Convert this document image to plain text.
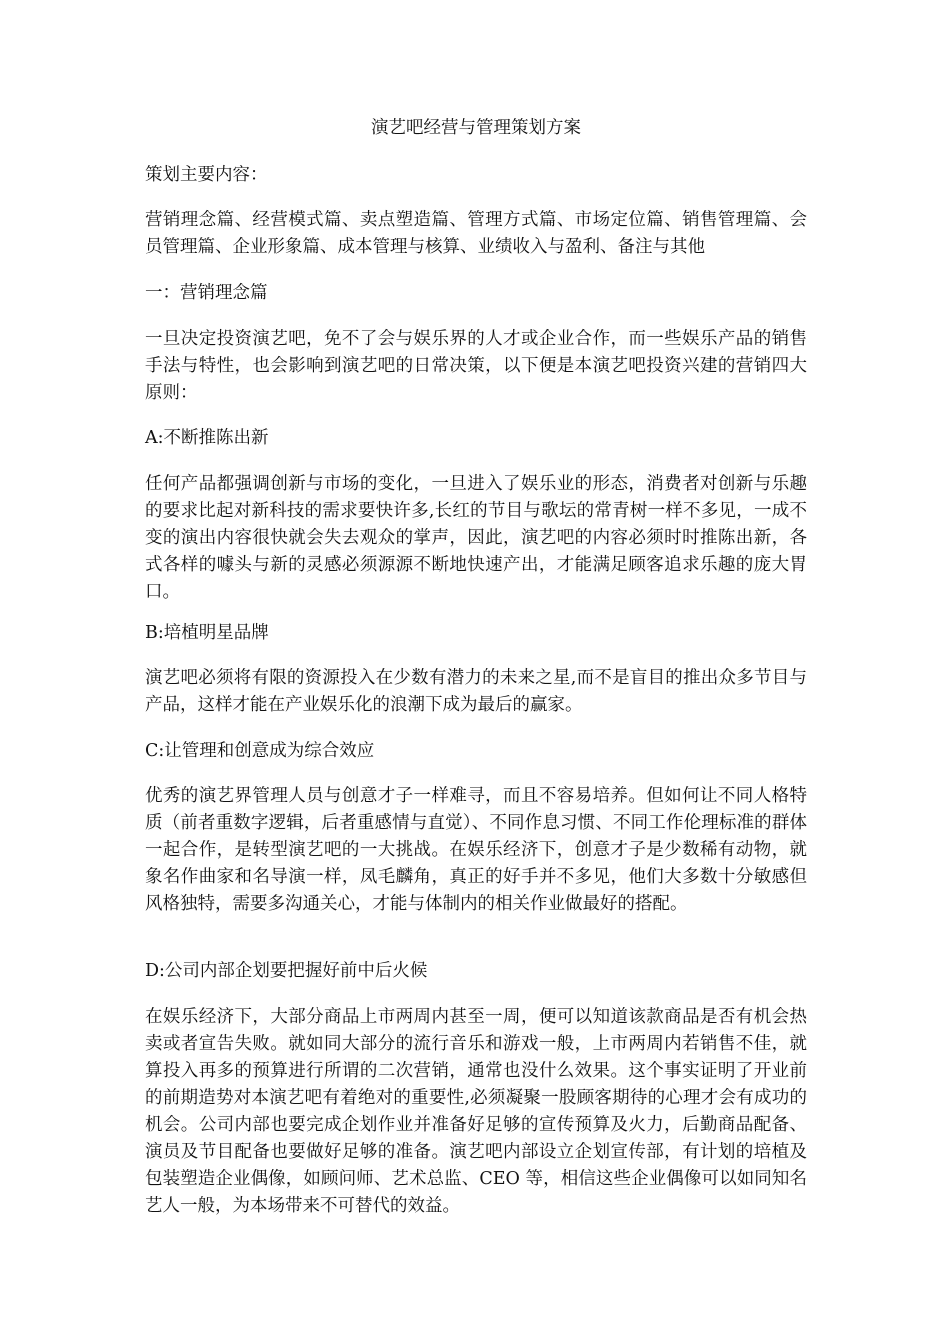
演艺吧经营与管理策划方案

策划主要内容：

营销理念篇、经营模式篇、卖点塑造篇、管理方式篇、市场定位篇、销售管理篇、会员管理篇、企业形象篇、成本管理与核算、业绩收入与盈利、备注与其他

一：营销理念篇

一旦决定投资演艺吧，免不了会与娱乐界的人才或企业合作，而一些娱乐产品的销售手法与特性，也会影响到演艺吧的日常决策，以下便是本演艺吧投资兴建的营销四大原则：

A:不断推陈出新

任何产品都强调创新与市场的变化，一旦进入了娱乐业的形态，消费者对创新与乐趣的要求比起对新科技的需求要快许多,长红的节目与歌坛的常青树一样不多见，一成不变的演出内容很快就会失去观众的掌声，因此，演艺吧的内容必须时时推陈出新，各式各样的噱头与新的灵感必须源源不断地快速产出，才能满足顾客追求乐趣的庞大胃口。

B:培植明星品牌

演艺吧必须将有限的资源投入在少数有潜力的未来之星,而不是盲目的推出众多节目与产品，这样才能在产业娱乐化的浪潮下成为最后的赢家。

C:让管理和创意成为综合效应

优秀的演艺界管理人员与创意才子一样难寻，而且不容易培养。但如何让不同人格特质（前者重数字逻辑，后者重感情与直觉）、不同作息习惯、不同工作伦理标准的群体一起合作，是转型演艺吧的一大挑战。在娱乐经济下，创意才子是少数稀有动物，就象名作曲家和名导演一样，凤毛麟角，真正的好手并不多见，他们大多数十分敏感但风格独特，需要多沟通关心，才能与体制内的相关作业做最好的搭配。

D:公司内部企划要把握好前中后火候

在娱乐经济下，大部分商品上市两周内甚至一周，便可以知道该款商品是否有机会热卖或者宣告失败。就如同大部分的流行音乐和游戏一般，上市两周内若销售不佳，就算投入再多的预算进行所谓的二次营销，通常也没什么效果。这个事实证明了开业前的前期造势对本演艺吧有着绝对的重要性,必须凝聚一股顾客期待的心理才会有成功的机会。公司内部也要完成企划作业并准备好足够的宣传预算及火力，后勤商品配备、演员及节目配备也要做好足够的准备。演艺吧内部设立企划宣传部，有计划的培植及包装塑造企业偶像，如顾问师、艺术总监、CEO 等，相信这些企业偶像可以如同知名艺人一般，为本场带来不可替代的效益。
